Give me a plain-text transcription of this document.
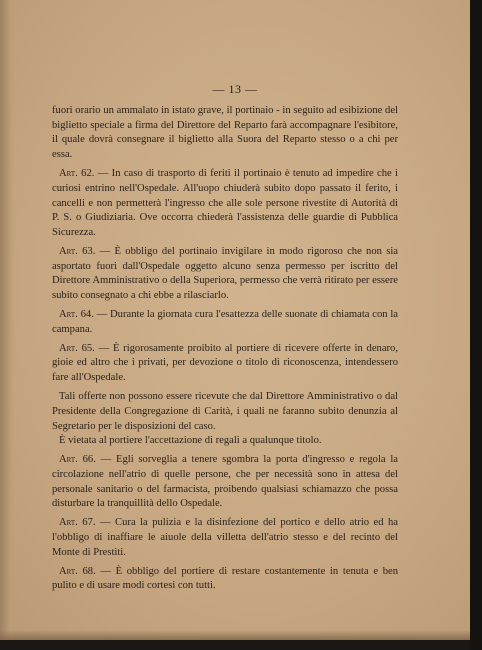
— 13 —

fuori orario un ammalato in istato grave, il portinaio - in seguito ad esibizione del biglietto speciale a firma del Direttore del Reparto farà accompagnare l'esibitore, il quale dovrà consegnare il biglietto alla Suora del Reparto stesso o a chi per essa.

Art. 62. — In caso di trasporto di feriti il portinaio è tenuto ad impedire che i curiosi entrino nell'Ospedale. All'uopo chiuderà subito dopo passato il ferito, i cancelli e non permetterà l'ingresso che alle sole persone rivestite di Autorità di P. S. o Giudiziaria. Ove occorra chiederà l'assistenza delle guardie di Pubblica Sicurezza.

Art. 63. — È obbligo del portinaio invigilare in modo rigoroso che non sia asportato fuori dall'Ospedale oggetto alcuno senza permesso per iscritto del Direttore Amministrativo o della Superiora, permesso che verrà ritirato per essere subito consegnato a chi ebbe a rilasciarlo.

Art. 64. — Durante la giornata cura l'esattezza delle suonate di chiamata con la campana.

Art. 65. — È rigorosamente proibito al portiere di ricevere offerte in denaro, gioie ed altro che i privati, per devozione o titolo di riconoscenza, intendessero fare all'Ospedale.

Tali offerte non possono essere ricevute che dal Direttore Amministrativo o dal Presidente della Congregazione di Carità, i quali ne faranno subito denunzia al Segretario per le disposizioni del caso.

È vietata al portiere l'accettazione di regali a qualunque titolo.

Art. 66. — Egli sorveglia a tenere sgombra la porta d'ingresso e regola la circolazione nell'atrio di quelle persone, che per necessità sono in attesa del personale sanitario o del farmacista, proibendo qualsiasi schiamazzo che possa disturbare la tranquillità dello Ospedale.

Art. 67. — Cura la pulizia e la disinfezione del portico e dello atrio ed ha l'obbligo di inaffiare le aiuole della villetta dell'atrio stesso e del recinto del Monte di Prestiti.

Art. 68. — È obbligo del portiere di restare costantemente in tenuta e ben pulito e di usare modi cortesi con tutti.
